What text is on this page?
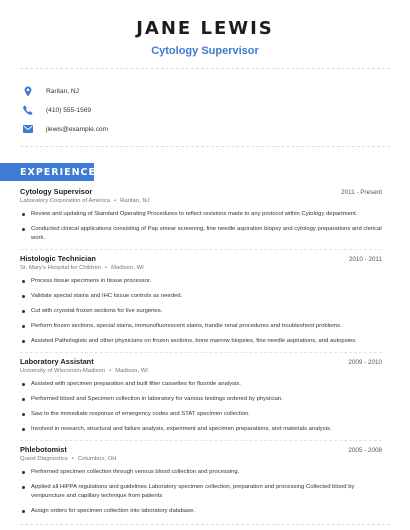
JANE LEWIS
Cytology Supervisor
Raritan, NJ
(410) 555-1569
jlewis@example.com
EXPERIENCE
Cytology Supervisor	2011 - Present
Laboratory Corporation of America • Raritan, NJ
Review and updating of Standard Operating Procedures to reflect revisions made to any protocol within Cytology department.
Conducted clinical applications consisting of Pap smear screening, fine needle aspiration biopsy and cytology preparations and clerical work.
Histologic Technician	2010 - 2011
St. Mary's Hospital for Children • Madison, WI
Process tissue specimens in tissue processor.
Validate special stains and IHC tissue controls as needed.
Cut with cryostat frozen sections for live surgeries.
Perform frozen sections, special stains, immunofluorescent stains, handle renal procedures and troubleshoot problems.
Assisted Pathologists and other physicians on frozen sections, bone marrow biopsies, fine needle aspirations, and autopsies.
Laboratory Assistant	2009 - 2010
University of Wisconsin-Madison • Madison, WI
Assisted with specimen preparation and built filter cassettes for fluoride analysis.
Performed blood and Specimen collection in laboratory for various testings ordered by physician.
Saw to the immediate response of emergency codes and STAT specimen collection.
Involved in research, structural and failure analysis, experiment and specimen preparations, and materials analysis.
Phlebotomist	2005 - 2008
Quest Diagnostics • Columbus, OH
Performed specimen collection through venous blood collection and processing.
Applied all HIPPA regulations and guidelines Laboratory specimen collection, preparation and processing Collected blood by venipuncture and capillary technique from patients
Assign orders for specimen collection into laboratory database.
